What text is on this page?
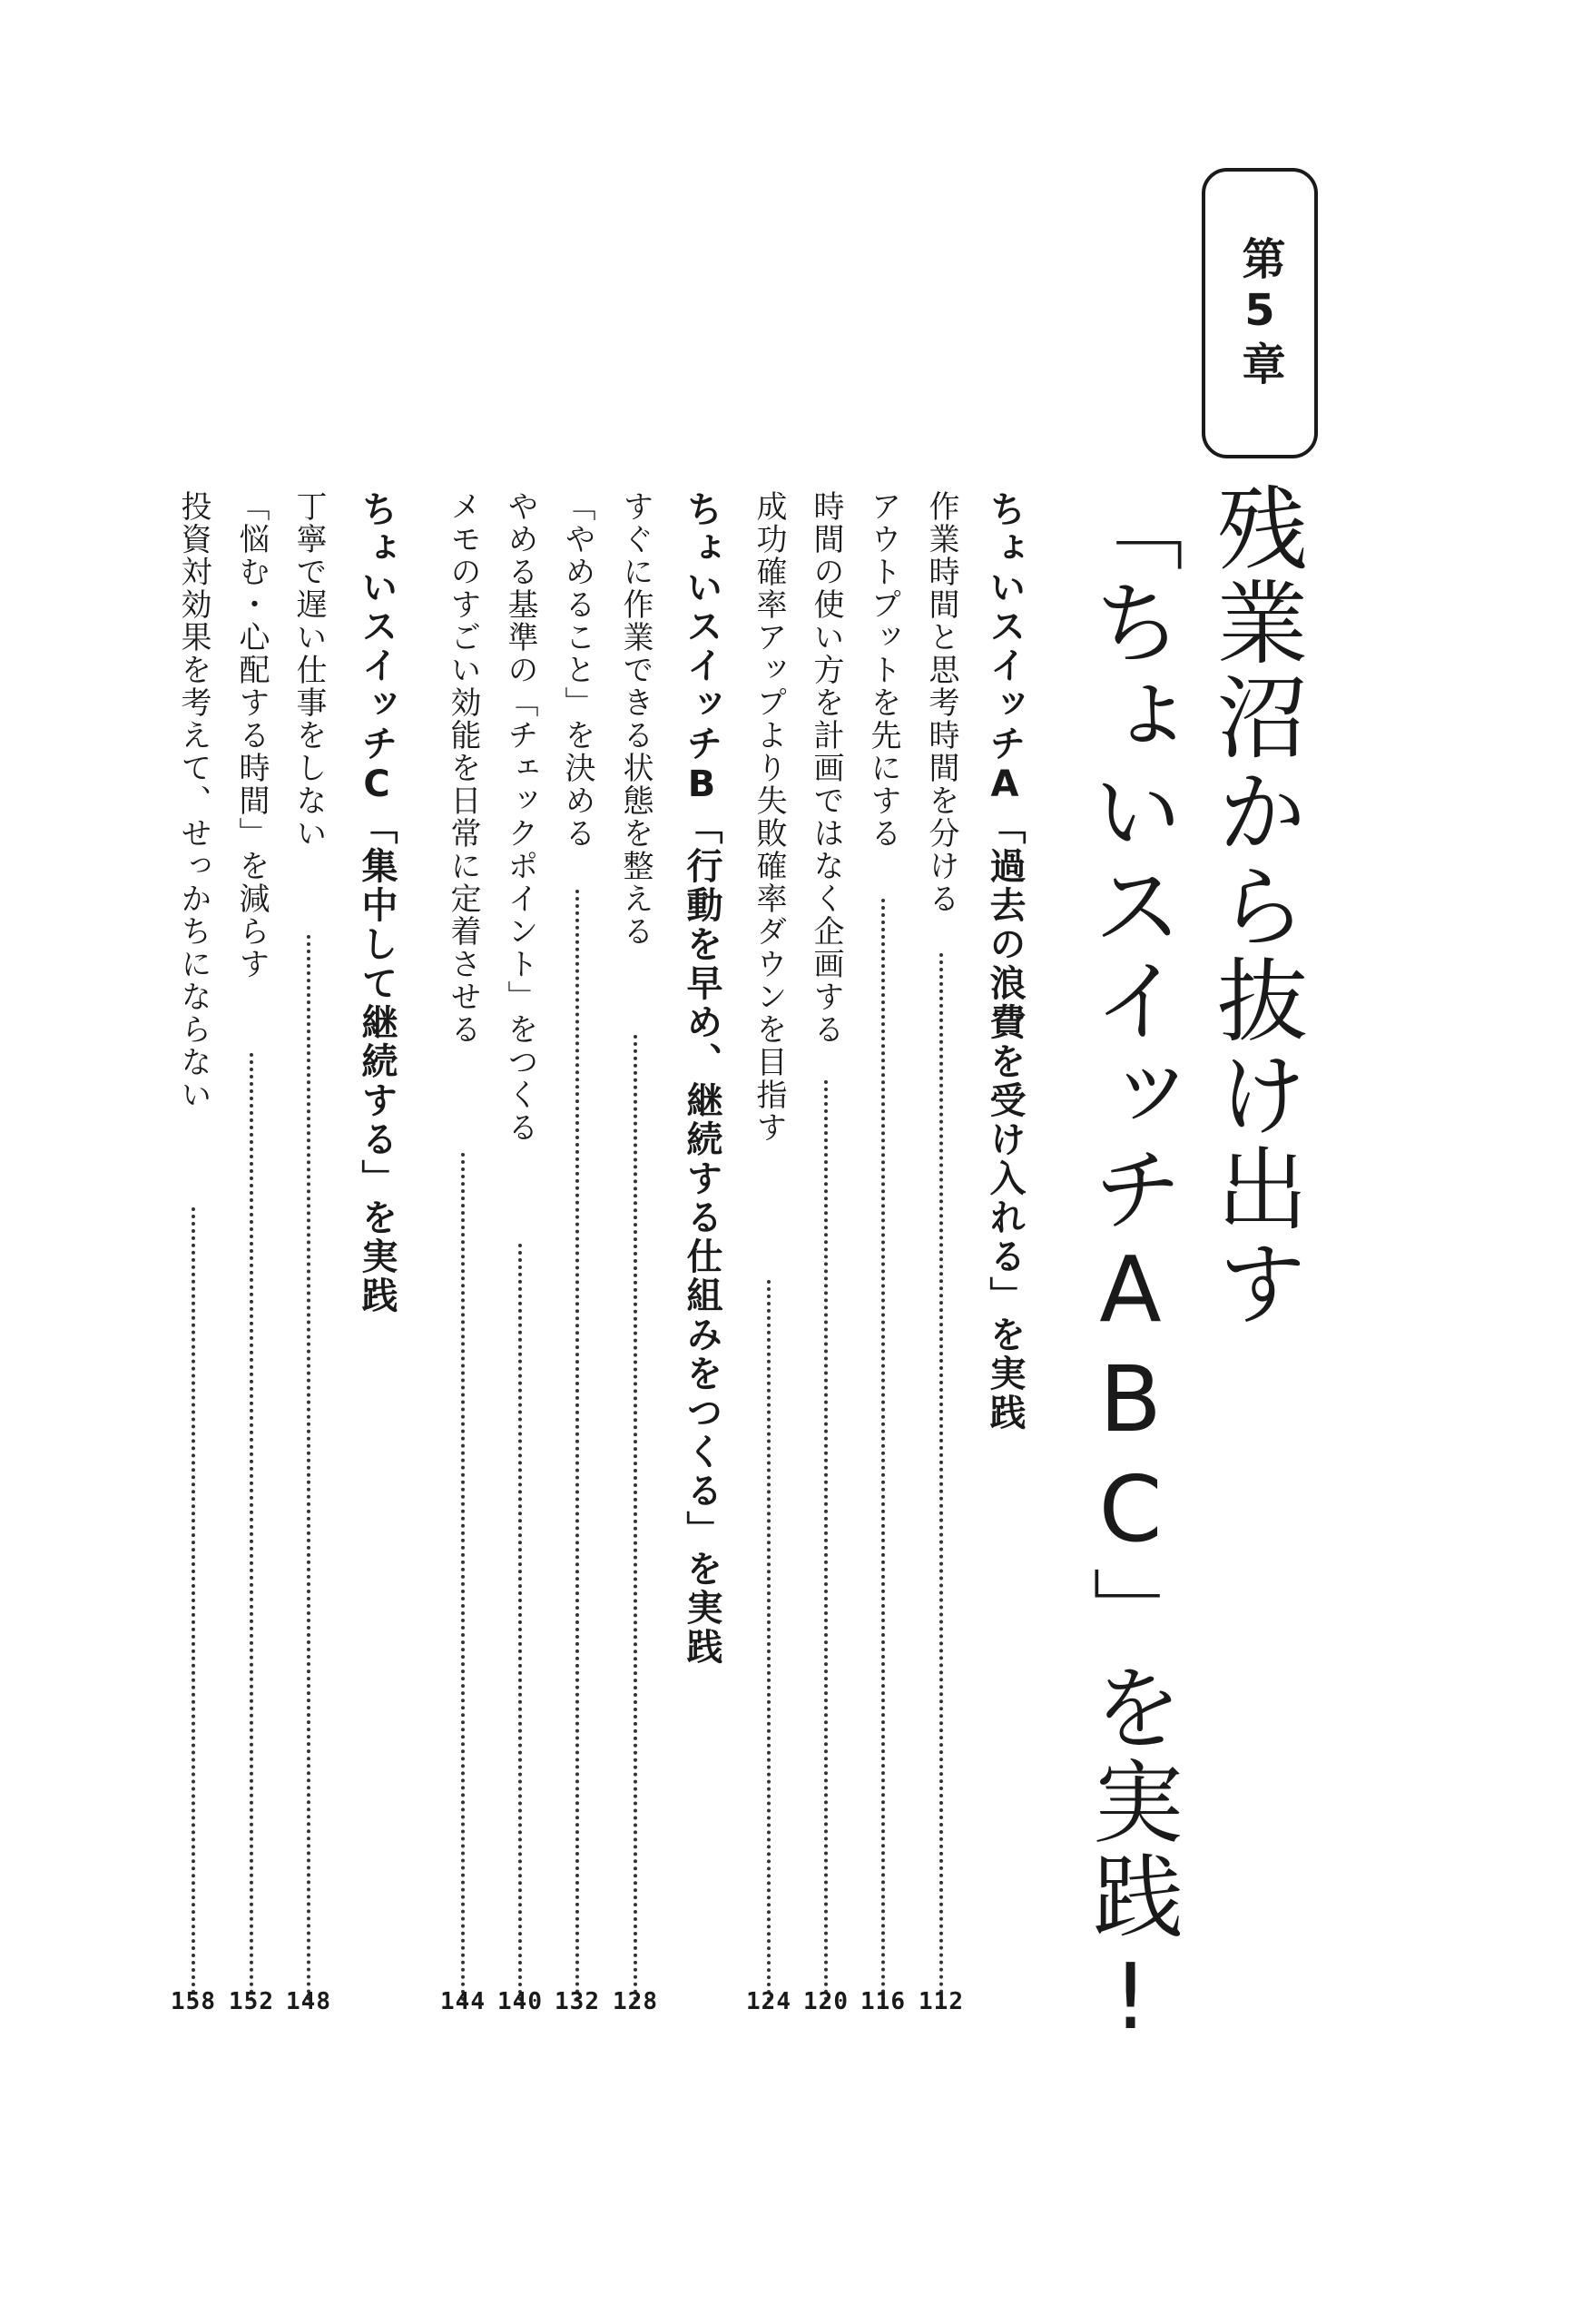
第5章
残業沼から抜け出す
「ちょいスイッチABC」を実践!
ちょいスイッチA「過去の浪費を受け入れる」を実践
作業時間と思考時間を分ける
112
アウトプットを先にする
116
時間の使い方を計画ではなく企画する
120
成功確率アップより失敗確率ダウンを目指す
124
ちょいスイッチB「行動を早め、継続する仕組みをつくる」を実践
すぐに作業できる状態を整える
128
「やめること」を決める
132
やめる基準の「チェックポイント」をつくる
140
メモのすごい効能を日常に定着させる
144
ちょいスイッチC「集中して継続する」を実践
丁寧で遅い仕事をしない
148
「悩む・心配する時間」を減らす
152
投資対効果を考えて、せっかちにならない
158
